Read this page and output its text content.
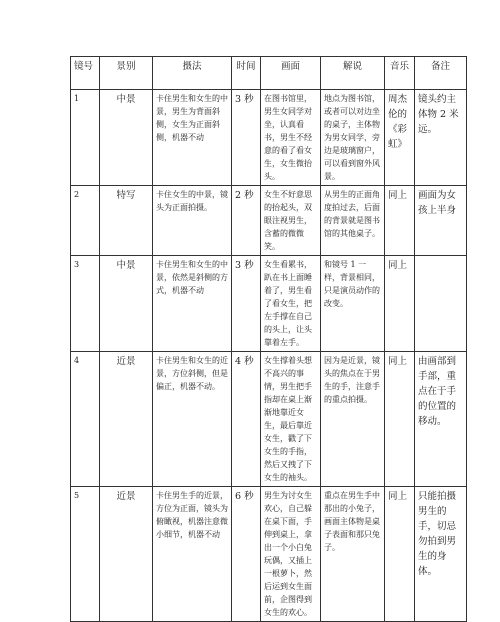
镜号	景别	摄法	时间	画面	解说	音乐	备注
1	中景	卡住男生和女生的中景，男生为背面斜侧，女生为正面斜侧，机器不动	3 秒	在图书馆里，男生女同学对坐，认真看书，男生不经意的看了看女生，女生微抬头。	地点为图书馆，或者可以对边坐的桌子，主体物为男女同学，旁边是玻璃窗户，可以看到窗外风景。	周杰伦的《彩虹》	镜头约主体物 2 米远。
2	特写	卡住女生的中景，镜头为正面拍摄。	2 秒	女生不好意思的抬起头，双眼注视男生，含蓄的微微笑。	从男生的正面角度拍过去，后面的背景就是图书馆的其他桌子。	同上	画面为女孩上半身
3	中景	卡住男生和女生的中景，依然是斜侧的方式，机器不动	3 秒	女生看累书，趴在书上面睡着了，男生看了看女生，把左手撑在自己的头上，让头靠着左手。	和镜号 1 一样，背景相同，只是演员动作的改变。	同上	
4	近景	卡住男生和女生的近景，方位斜侧，但是偏正，机器不动。	4 秒	女生撑着头想不高兴的事情，男生把手指却在桌上渐渐地靠近女生，最后靠近女生，戳了下女生的手指，然后又拽了下女生的袖头。	因为是近景，镜头的焦点在于男生的手，注意手的重点拍摄。	同上	由画部到手部，重点在于手的位置的移动。
5	近景	卡住男生手的近景，方位为正面，镜头为俯瞰视，机器注意微小细节，机器不动	6 秒	男生为讨女生欢心，自己躲在桌下面，手伸到桌上，拿出一个小白兔玩偶，又插上一根萝卜，然后运到女生面前，企图得到女生的欢心。	重点在男生手中那出的小兔子，画面主体物是桌子表面和那只兔子。	同上	只能拍摄男生的手，切忌勿拍到男生的身体。
